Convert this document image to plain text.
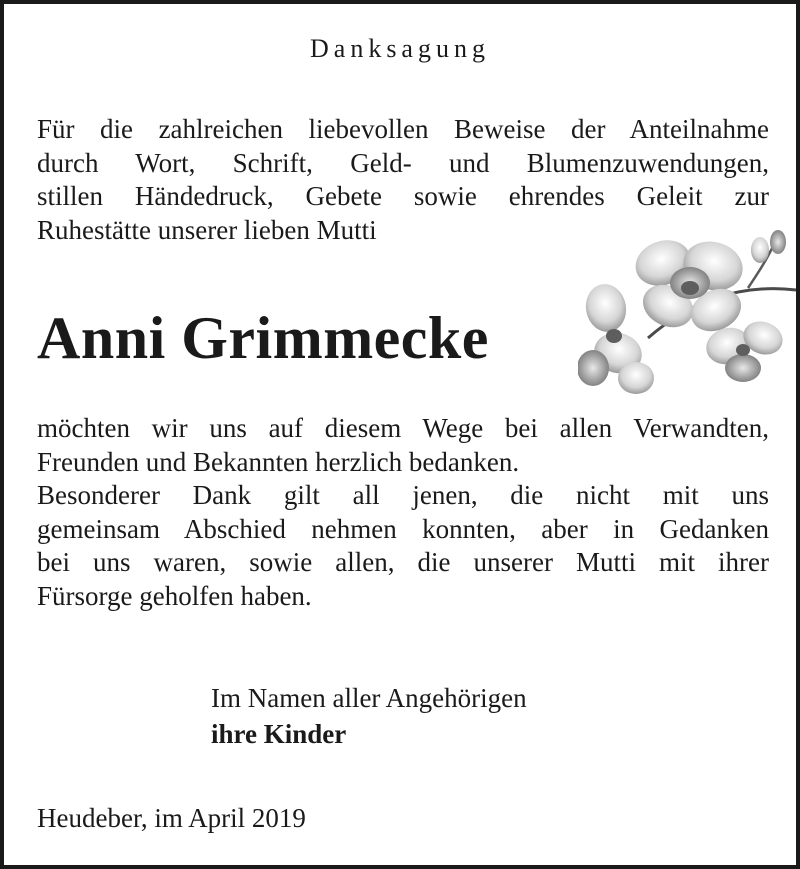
Danksagung
Für die zahlreichen liebevollen Beweise der Anteilnahme
durch Wort, Schrift, Geld- und Blumenzuwendungen,
stillen Händedruck, Gebete sowie ehrendes Geleit zur
Ruhestätte unserer lieben Mutti
Anni Grimmecke
möchten wir uns auf diesem Wege bei allen Verwandten,
Freunden und Bekannten herzlich bedanken.
Besonderer Dank gilt all jenen, die nicht mit uns
gemeinsam Abschied nehmen konnten, aber in Gedanken
bei uns waren, sowie allen, die unserer Mutti mit ihrer
Fürsorge geholfen haben.
Im Namen aller Angehörigen
ihre Kinder
Heudeber, im April 2019
